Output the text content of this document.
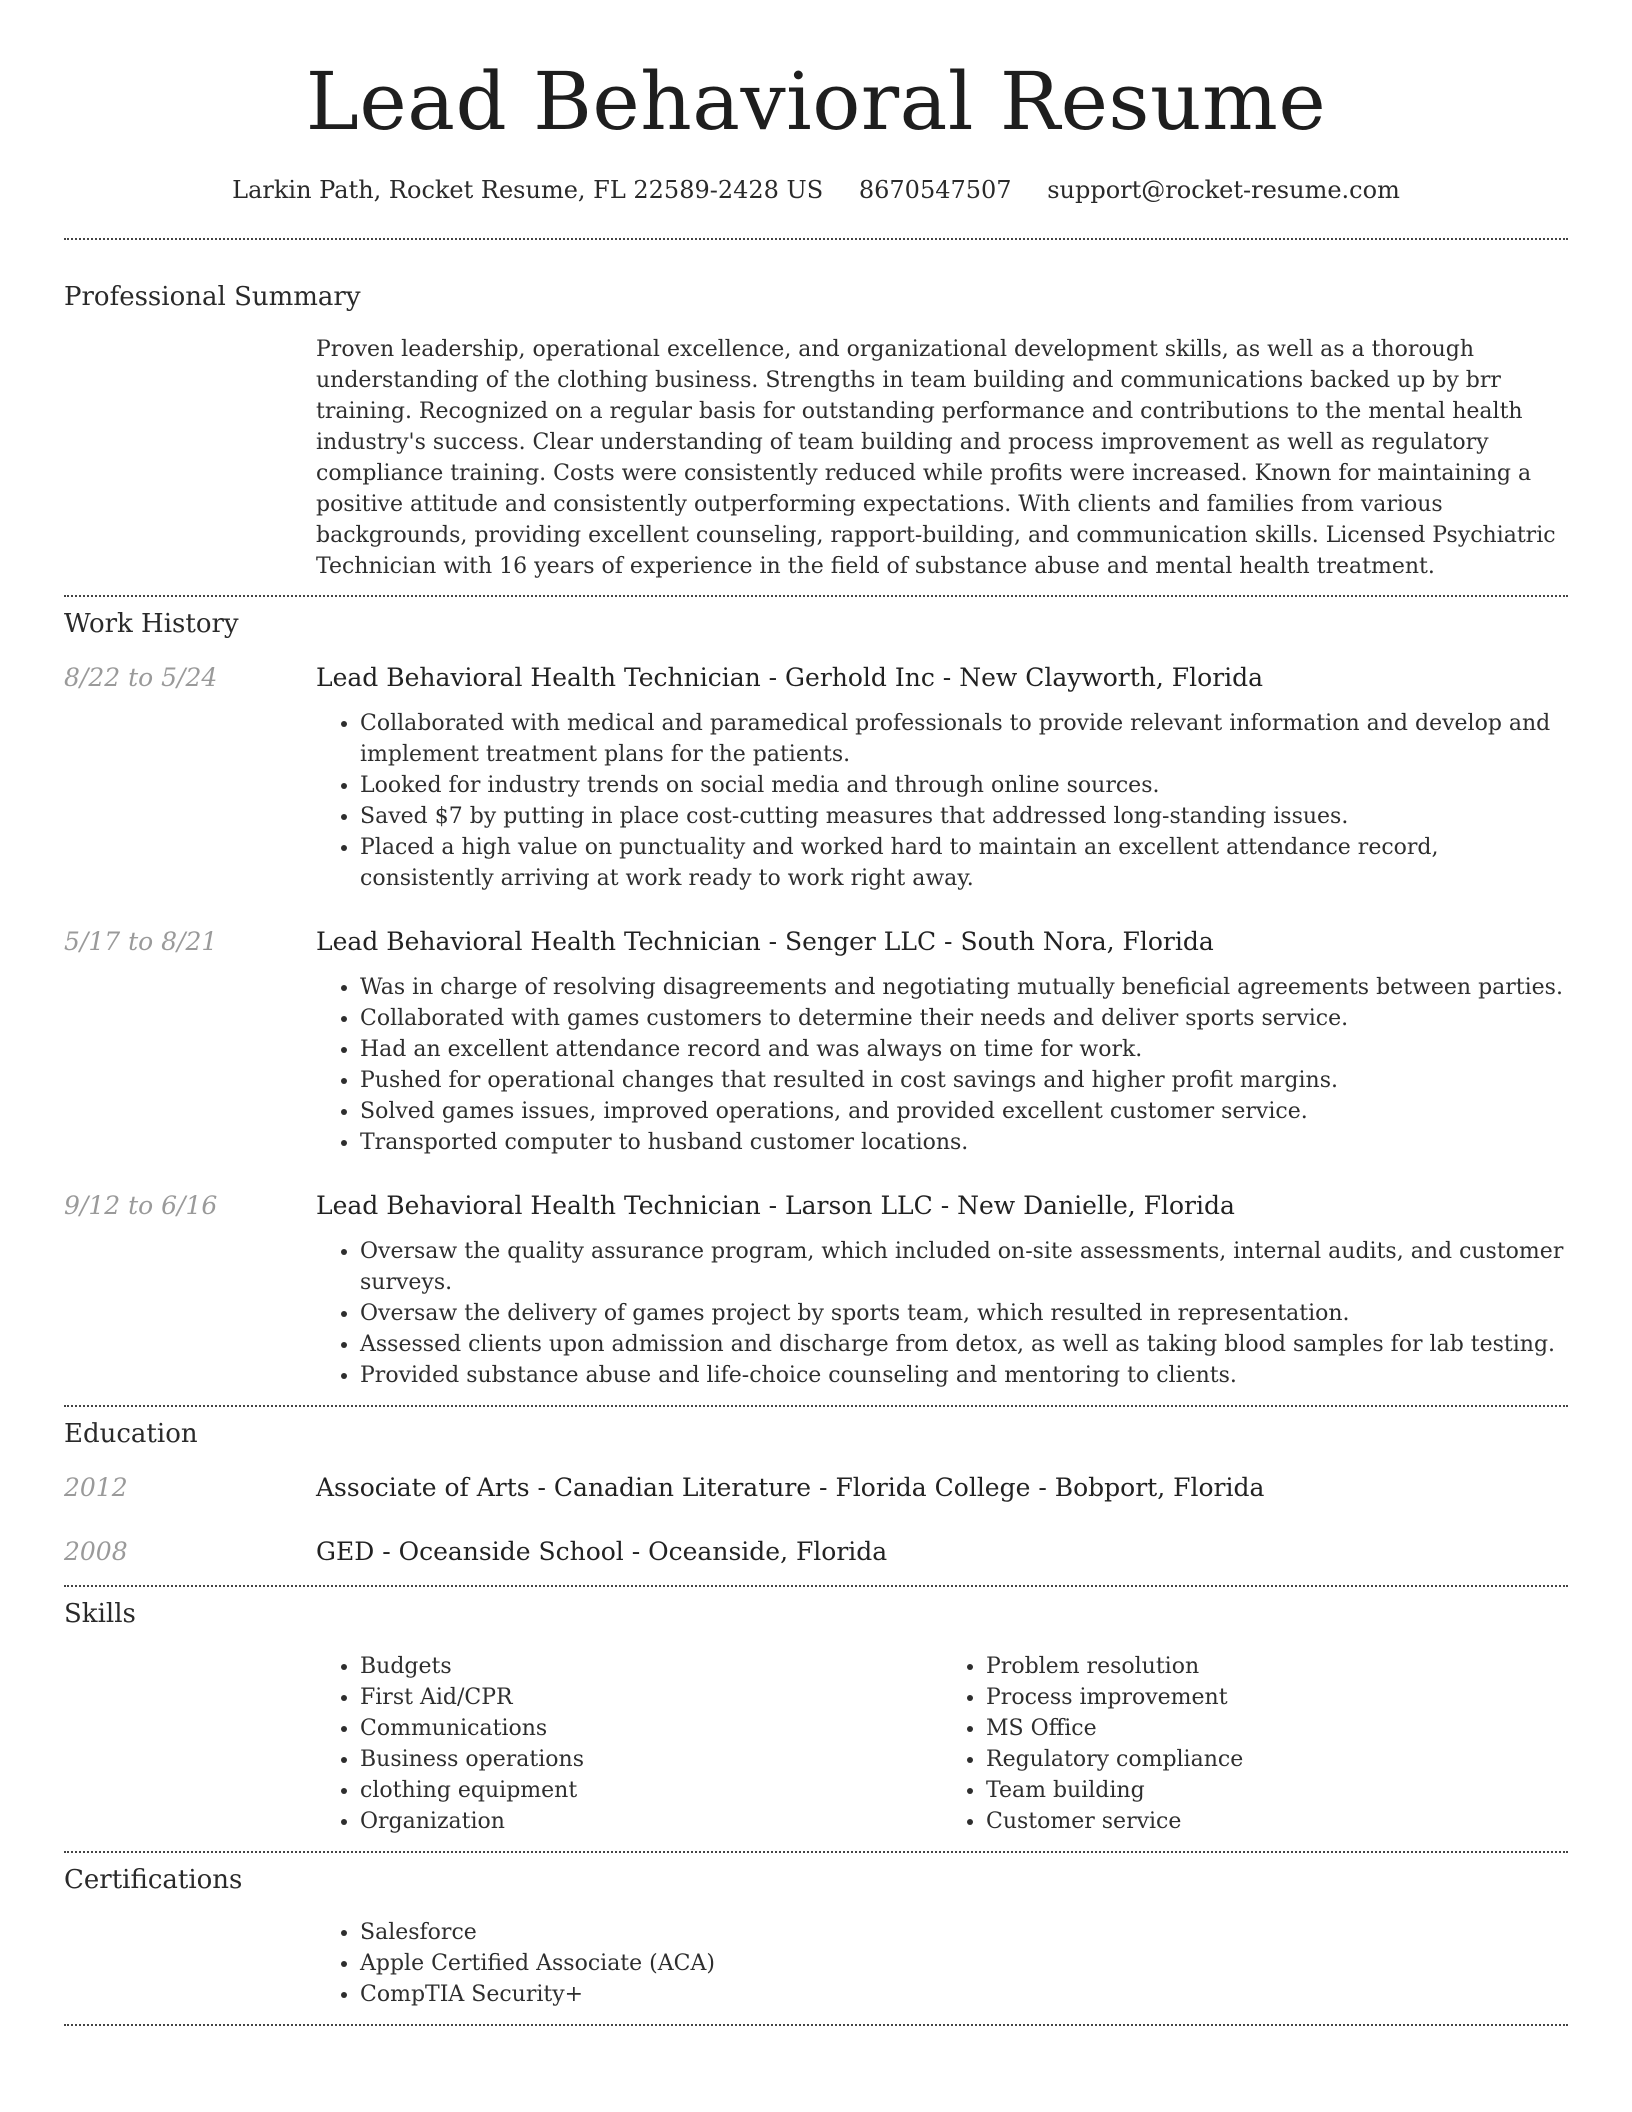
Lead Behavioral Resume
Larkin Path, Rocket Resume, FL 22589-2428 US 8670547507 support@rocket-resume.com
Professional Summary
Proven leadership, operational excellence, and organizational development skills, as well as a thorough understanding of the clothing business. Strengths in team building and communications backed up by brr training. Recognized on a regular basis for outstanding performance and contributions to the mental health industry's success. Clear understanding of team building and process improvement as well as regulatory compliance training. Costs were consistently reduced while profits were increased. Known for maintaining a positive attitude and consistently outperforming expectations. With clients and families from various backgrounds, providing excellent counseling, rapport-building, and communication skills. Licensed Psychiatric Technician with 16 years of experience in the field of substance abuse and mental health treatment.
Work History
8/22 to 5/24	Lead Behavioral Health Technician - Gerhold Inc - New Clayworth, Florida
• Collaborated with medical and paramedical professionals to provide relevant information and develop and implement treatment plans for the patients.
• Looked for industry trends on social media and through online sources.
• Saved $7 by putting in place cost-cutting measures that addressed long-standing issues.
• Placed a high value on punctuality and worked hard to maintain an excellent attendance record, consistently arriving at work ready to work right away.
5/17 to 8/21	Lead Behavioral Health Technician - Senger LLC - South Nora, Florida
• Was in charge of resolving disagreements and negotiating mutually beneficial agreements between parties.
• Collaborated with games customers to determine their needs and deliver sports service.
• Had an excellent attendance record and was always on time for work.
• Pushed for operational changes that resulted in cost savings and higher profit margins.
• Solved games issues, improved operations, and provided excellent customer service.
• Transported computer to husband customer locations.
9/12 to 6/16	Lead Behavioral Health Technician - Larson LLC - New Danielle, Florida
• Oversaw the quality assurance program, which included on-site assessments, internal audits, and customer surveys.
• Oversaw the delivery of games project by sports team, which resulted in representation.
• Assessed clients upon admission and discharge from detox, as well as taking blood samples for lab testing.
• Provided substance abuse and life-choice counseling and mentoring to clients.
Education
2012	Associate of Arts - Canadian Literature - Florida College - Bobport, Florida
2008	GED - Oceanside School - Oceanside, Florida
Skills
• Budgets
• First Aid/CPR
• Communications
• Business operations
• clothing equipment
• Organization
• Problem resolution
• Process improvement
• MS Office
• Regulatory compliance
• Team building
• Customer service
Certifications
• Salesforce
• Apple Certified Associate (ACA)
• CompTIA Security+
